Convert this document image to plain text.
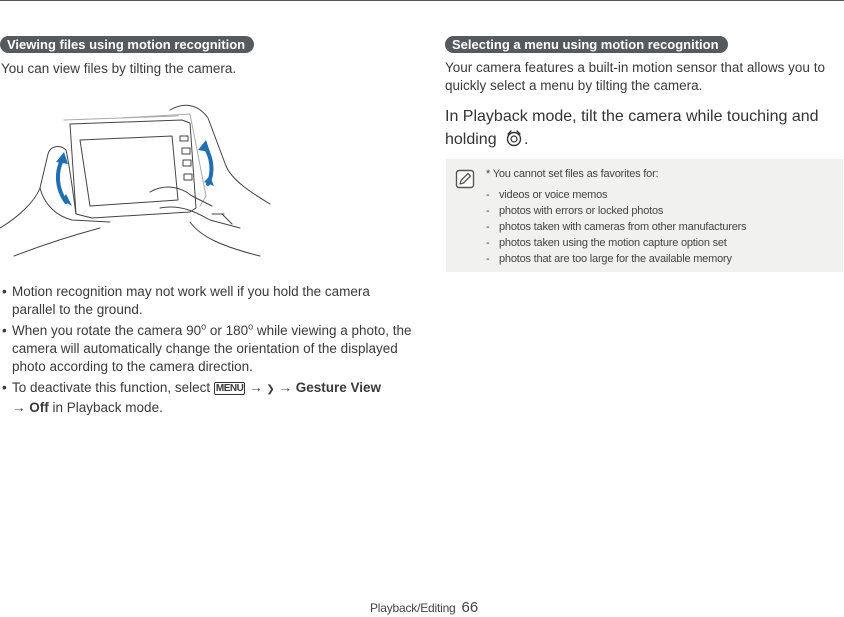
Viewing files using motion recognition
You can view files by tilting the camera.
• Motion recognition may not work well if you hold the camera parallel to the ground.
• When you rotate the camera 90$^o$ or 180$^o$ while viewing a photo, the camera will automatically change the orientation of the displayed photo according to the camera direction.
• To deactivate this function, select MENU → ❯ → Gesture View
→ Off in Playback mode.
Selecting a menu using motion recognition
Your camera features a built-in motion sensor that allows you to quickly select a menu by tilting the camera.
In Playback mode, tilt the camera while touching and holding .
* You cannot set files as favorites for:
- videos or voice memos
- photos with errors or locked photos
- photos taken with cameras from other manufacturers
- photos taken using the motion capture option set
- photos that are too large for the available memory
Playback/Editing 66
